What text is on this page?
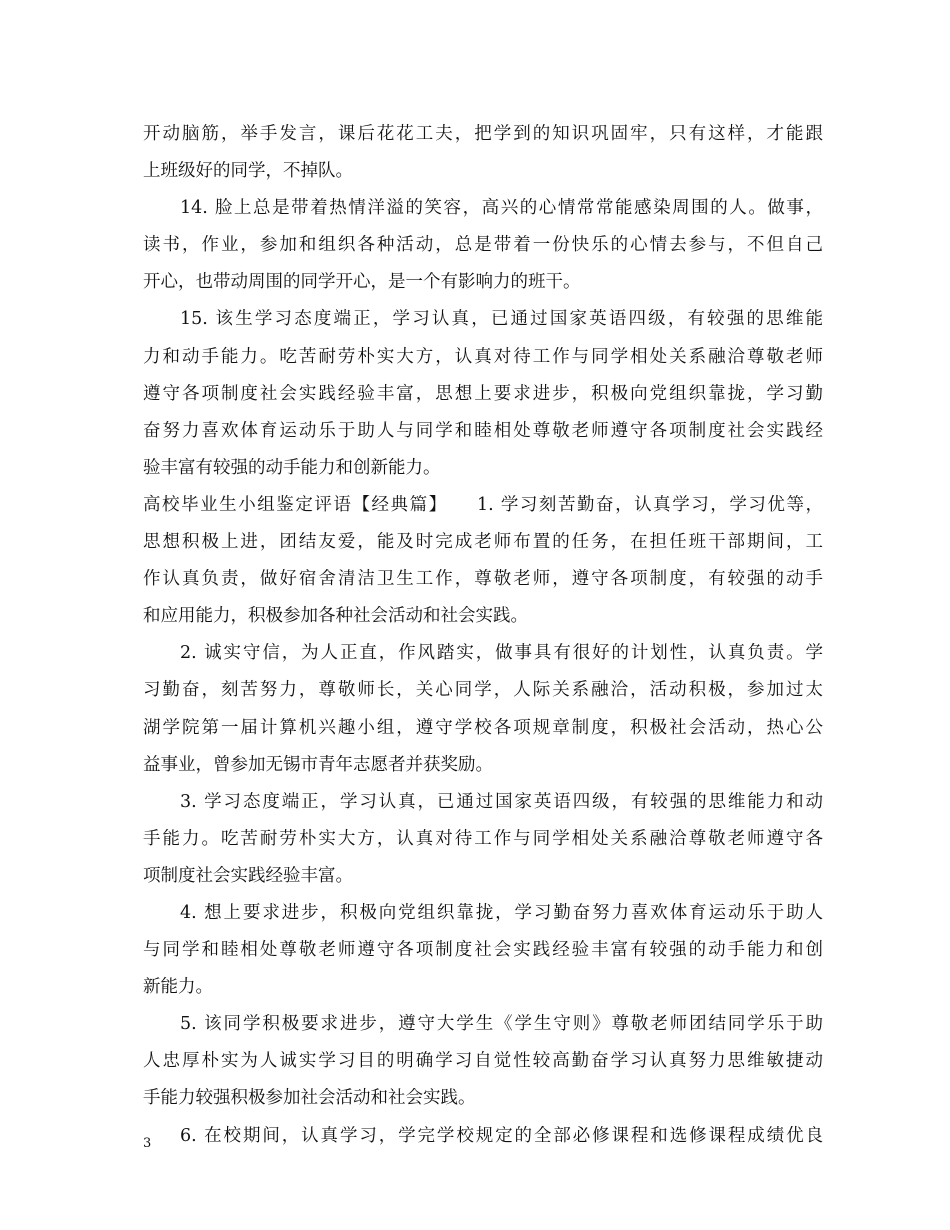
开动脑筋，举手发言，课后花花工夫，把学到的知识巩固牢，只有这样，才能跟
上班级好的同学，不掉队。
14. 脸上总是带着热情洋溢的笑容，高兴的心情常常能感染周围的人。做事，
读书，作业，参加和组织各种活动，总是带着一份快乐的心情去参与，不但自己
开心，也带动周围的同学开心，是一个有影响力的班干。
15. 该生学习态度端正，学习认真，已通过国家英语四级，有较强的思维能
力和动手能力。吃苦耐劳朴实大方，认真对待工作与同学相处关系融洽尊敬老师
遵守各项制度社会实践经验丰富，思想上要求进步，积极向党组织靠拢，学习勤
奋努力喜欢体育运动乐于助人与同学和睦相处尊敬老师遵守各项制度社会实践经
验丰富有较强的动手能力和创新能力。
高校毕业生小组鉴定评语【经典篇】　　1. 学习刻苦勤奋，认真学习，学习优等，
思想积极上进，团结友爱，能及时完成老师布置的任务，在担任班干部期间，工
作认真负责，做好宿舍清洁卫生工作，尊敬老师，遵守各项制度，有较强的动手
和应用能力，积极参加各种社会活动和社会实践。
2. 诚实守信，为人正直，作风踏实，做事具有很好的计划性，认真负责。学
习勤奋，刻苦努力，尊敬师长，关心同学，人际关系融洽，活动积极，参加过太
湖学院第一届计算机兴趣小组，遵守学校各项规章制度，积极社会活动，热心公
益事业，曾参加无锡市青年志愿者并获奖励。
3. 学习态度端正，学习认真，已通过国家英语四级，有较强的思维能力和动
手能力。吃苦耐劳朴实大方，认真对待工作与同学相处关系融洽尊敬老师遵守各
项制度社会实践经验丰富。
4. 想上要求进步，积极向党组织靠拢，学习勤奋努力喜欢体育运动乐于助人
与同学和睦相处尊敬老师遵守各项制度社会实践经验丰富有较强的动手能力和创
新能力。
5. 该同学积极要求进步，遵守大学生《学生守则》尊敬老师团结同学乐于助
人忠厚朴实为人诚实学习目的明确学习自觉性较高勤奋学习认真努力思维敏捷动
手能力较强积极参加社会活动和社会实践。
6. 在校期间，认真学习，学完学校规定的全部必修课程和选修课程成绩优良
3
